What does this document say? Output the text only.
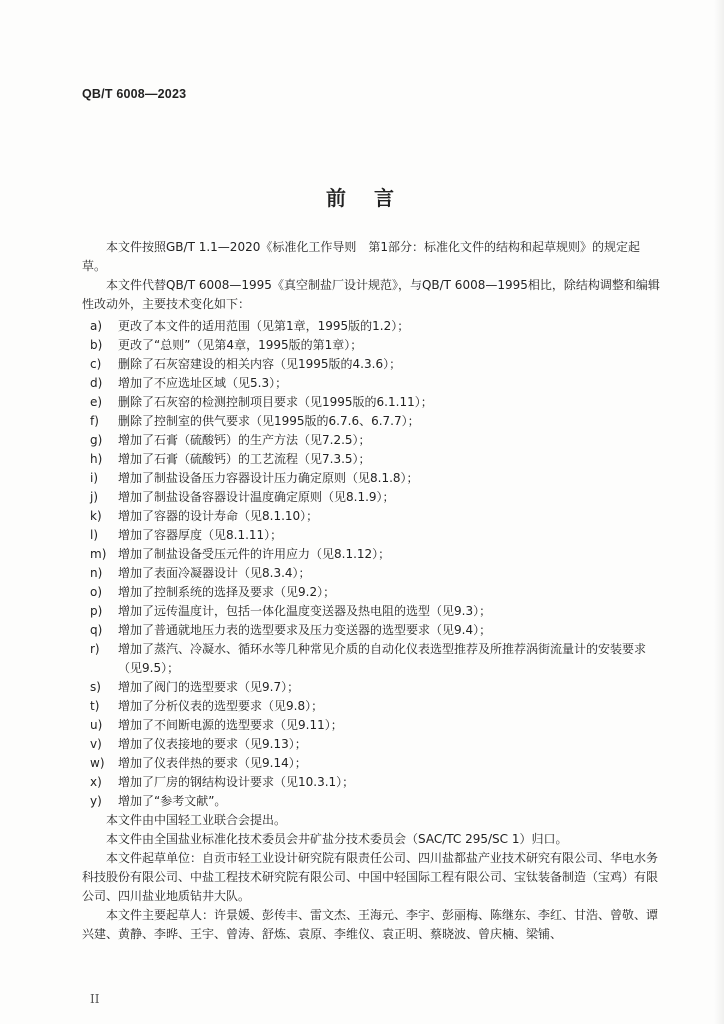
QB/T 6008—2023
前　言

本文件按照GB/T 1.1—2020《标准化工作导则　第1部分：标准化文件的结构和起草规则》的规定起草。

本文件代替QB/T 6008—1995《真空制盐厂设计规范》，与QB/T 6008—1995相比，除结构调整和编辑性改动外，主要技术变化如下：

a)	更改了本文件的适用范围（见第1章，1995版的1.2）；
b)	更改了“总则”（见第4章，1995版的第1章）；
c)	删除了石灰窑建设的相关内容（见1995版的4.3.6）；
d)	增加了不应选址区域（见5.3）；
e)	删除了石灰窑的检测控制项目要求（见1995版的6.1.11）；
f)	删除了控制室的供气要求（见1995版的6.7.6、6.7.7）；
g)	增加了石膏（硫酸钙）的生产方法（见7.2.5）；
h)	增加了石膏（硫酸钙）的工艺流程（见7.3.5）；
i)	增加了制盐设备压力容器设计压力确定原则（见8.1.8）；
j)	增加了制盐设备容器设计温度确定原则（见8.1.9）；
k)	增加了容器的设计寿命（见8.1.10）；
l)	增加了容器厚度（见8.1.11）；
m) 增加了制盐设备受压元件的许用应力（见8.1.12）；
n)	增加了表面冷凝器设计（见8.3.4）；
o)	增加了控制系统的选择及要求（见9.2）；
p)	增加了远传温度计，包括一体化温度变送器及热电阻的选型（见9.3）；
q)	增加了普通就地压力表的选型要求及压力变送器的选型要求（见9.4）；
r)	增加了蒸汽、冷凝水、循环水等几种常见介质的自动化仪表选型推荐及所推荐涡街流量计的安装要求（见9.5）；
s)	增加了阀门的选型要求（见9.7）；
t)	增加了分析仪表的选型要求（见9.8）；
u)	增加了不间断电源的选型要求（见9.11）；
v)	增加了仪表接地的要求（见9.13）；
w)	增加了仪表伴热的要求（见9.14）；
x)	增加了厂房的钢结构设计要求（见10.3.1）；
y)	增加了“参考文献”。

本文件由中国轻工业联合会提出。

本文件由全国盐业标准化技术委员会井矿盐分技术委员会（SAC/TC 295/SC 1）归口。

本文件起草单位：自贡市轻工业设计研究院有限责任公司、四川盐都盐产业技术研究有限公司、华电水务科技股份有限公司、中盐工程技术研究院有限公司、中国中轻国际工程有限公司、宝钛装备制造（宝鸡）有限公司、四川盐业地质钻井大队。

本文件主要起草人：许景媛、彭传丰、雷文杰、王海元、李宇、彭丽梅、陈继东、李红、甘浩、曾敬、谭兴建、黄静、李晔、王宇、曾涛、舒炼、袁原、李维仪、袁正明、蔡晓波、曾庆楠、梁铺、

II
